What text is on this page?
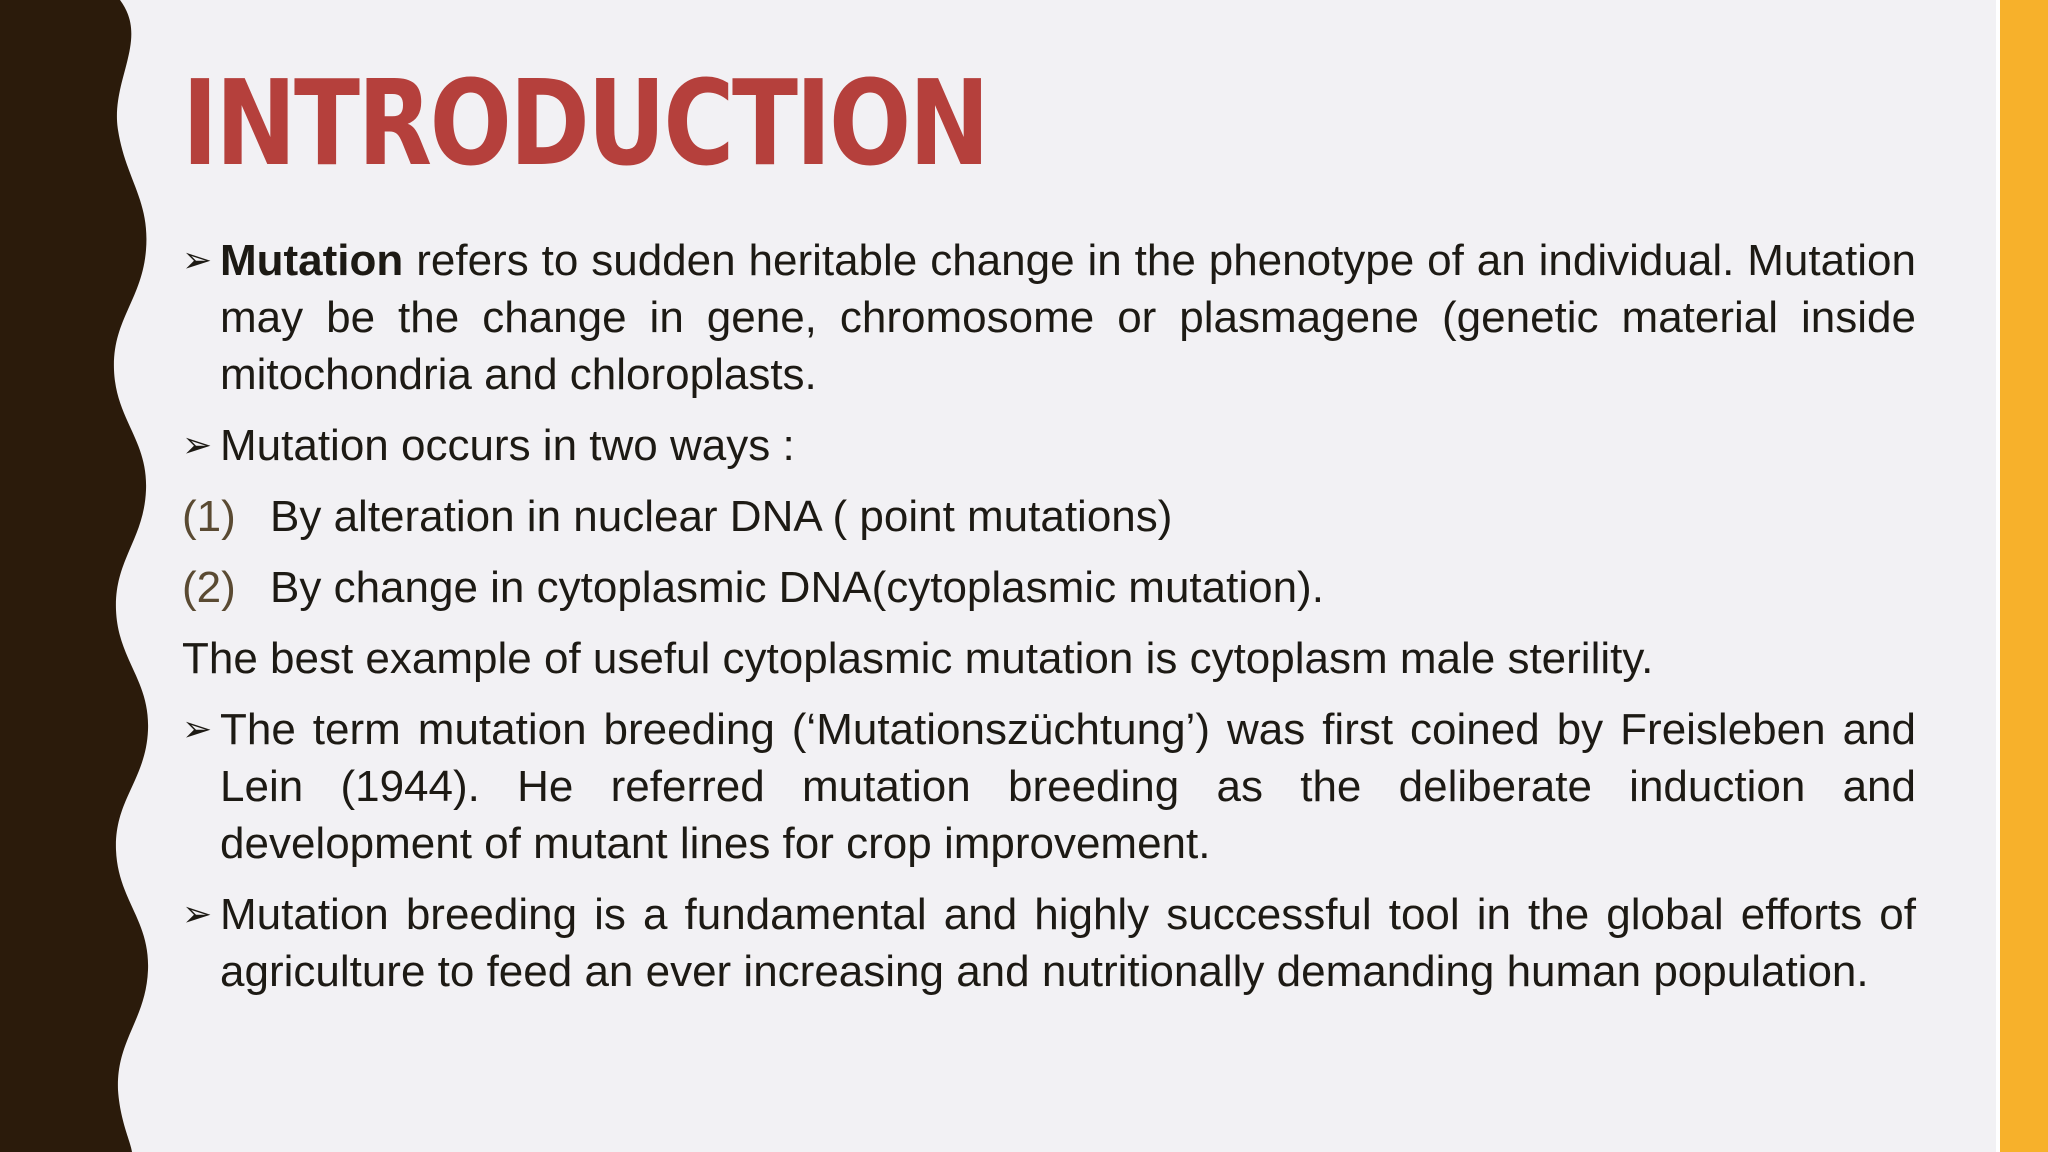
INTRODUCTION
➢ Mutation refers to sudden heritable change in the phenotype of an individual. Mutation may be the change in gene, chromosome or plasmagene (genetic material inside mitochondria and chloroplasts.
➢ Mutation occurs in two ways :
(1) By alteration in nuclear DNA ( point mutations)
(2) By change in cytoplasmic DNA(cytoplasmic mutation).
The best example of useful cytoplasmic mutation is cytoplasm male sterility.
➢ The term mutation breeding (‘Mutationszüchtung’) was first coined by Freisleben and Lein (1944). He referred mutation breeding as the deliberate induction and development of mutant lines for crop improvement.
➢ Mutation breeding is a fundamental and highly successful tool in the global efforts of agriculture to feed an ever increasing and nutritionally demanding human population.
